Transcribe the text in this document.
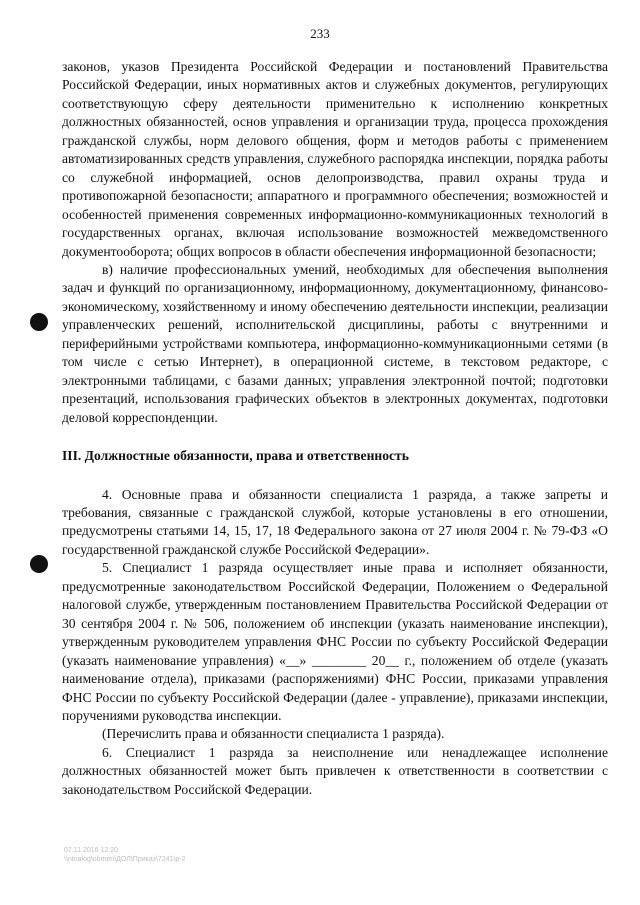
233

законов, указов Президента Российской Федерации и постановлений Правительства Российской Федерации, иных нормативных актов и служебных документов, регулирующих соответствующую сферу деятельности применительно к исполнению конкретных должностных обязанностей, основ управления и организации труда, процесса прохождения гражданской службы, норм делового общения, форм и методов работы с применением автоматизированных средств управления, служебного распорядка инспекции, порядка работы со служебной информацией, основ делопроизводства, правил охраны труда и противопожарной безопасности; аппаратного и программного обеспечения; возможностей и особенностей применения современных информационно-коммуникационных технологий в государственных органах, включая использование возможностей межведомственного документооборота; общих вопросов в области обеспечения информационной безопасности;

в) наличие профессиональных умений, необходимых для обеспечения выполнения задач и функций по организационному, информационному, документационному, финансово-экономическому, хозяйственному и иному обеспечению деятельности инспекции, реализации управленческих решений, исполнительской дисциплины, работы с внутренними и периферийными устройствами компьютера, информационно-коммуникационными сетями (в том числе с сетью Интернет), в операционной системе, в текстовом редакторе, с электронными таблицами, с базами данных; управления электронной почтой; подготовки презентаций, использования графических объектов в электронных документах, подготовки деловой корреспонденции.

III. Должностные обязанности, права и ответственность

4. Основные права и обязанности специалиста 1 разряда, а также запреты и требования, связанные с гражданской службой, которые установлены в его отношении, предусмотрены статьями 14, 15, 17, 18 Федерального закона от 27 июля 2004 г. № 79-ФЗ «О государственной гражданской службе Российской Федерации».

5. Специалист 1 разряда осуществляет иные права и исполняет обязанности, предусмотренные законодательством Российской Федерации, Положением о Федеральной налоговой службе, утвержденным постановлением Правительства Российской Федерации от 30 сентября 2004 г. № 506, положением об инспекции (указать наименование инспекции), утвержденным руководителем управления ФНС России по субъекту Российской Федерации (указать наименование управления) «__» ________ 20__ г., положением об отделе (указать наименование отдела), приказами (распоряжениями) ФНС России, приказами управления ФНС России по субъекту Российской Федерации (далее - управление), приказами инспекции, поручениями руководства инспекции.

(Перечислить права и обязанности специалиста 1 разряда).

6. Специалист 1 разряда за неисполнение или ненадлежащее исполнение должностных обязанностей может быть привлечен к ответственности в соответствии с законодательством Российской Федерации.

07.11.2016 12:20
\\ntnalog\obmen\ДОЛ\Приказ\7241\р-2
